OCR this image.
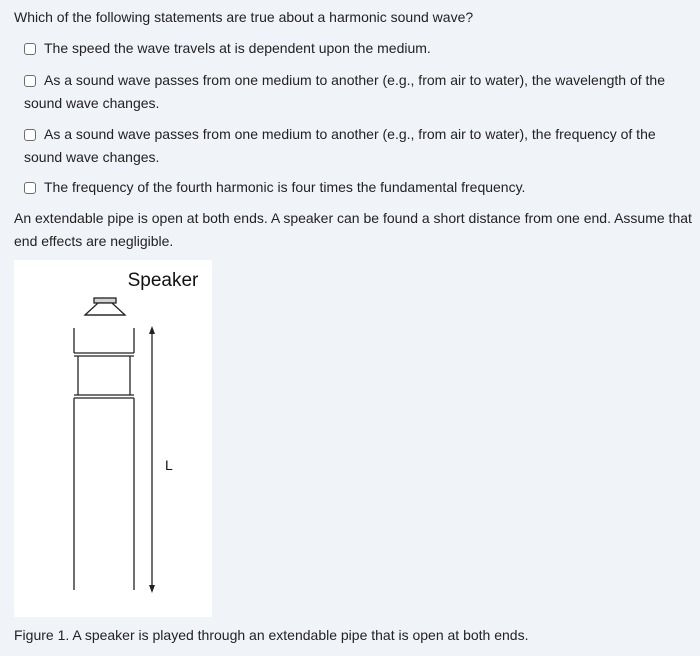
Which of the following statements are true about a harmonic sound wave?
The speed the wave travels at is dependent upon the medium.
As a sound wave passes from one medium to another (e.g., from air to water), the wavelength of the sound wave changes.
As a sound wave passes from one medium to another (e.g., from air to water), the frequency of the sound wave changes.
The frequency of the fourth harmonic is four times the fundamental frequency.
An extendable pipe is open at both ends. A speaker can be found a short distance from one end. Assume that end effects are negligible.
Speaker
L
Figure 1. A speaker is played through an extendable pipe that is open at both ends.
